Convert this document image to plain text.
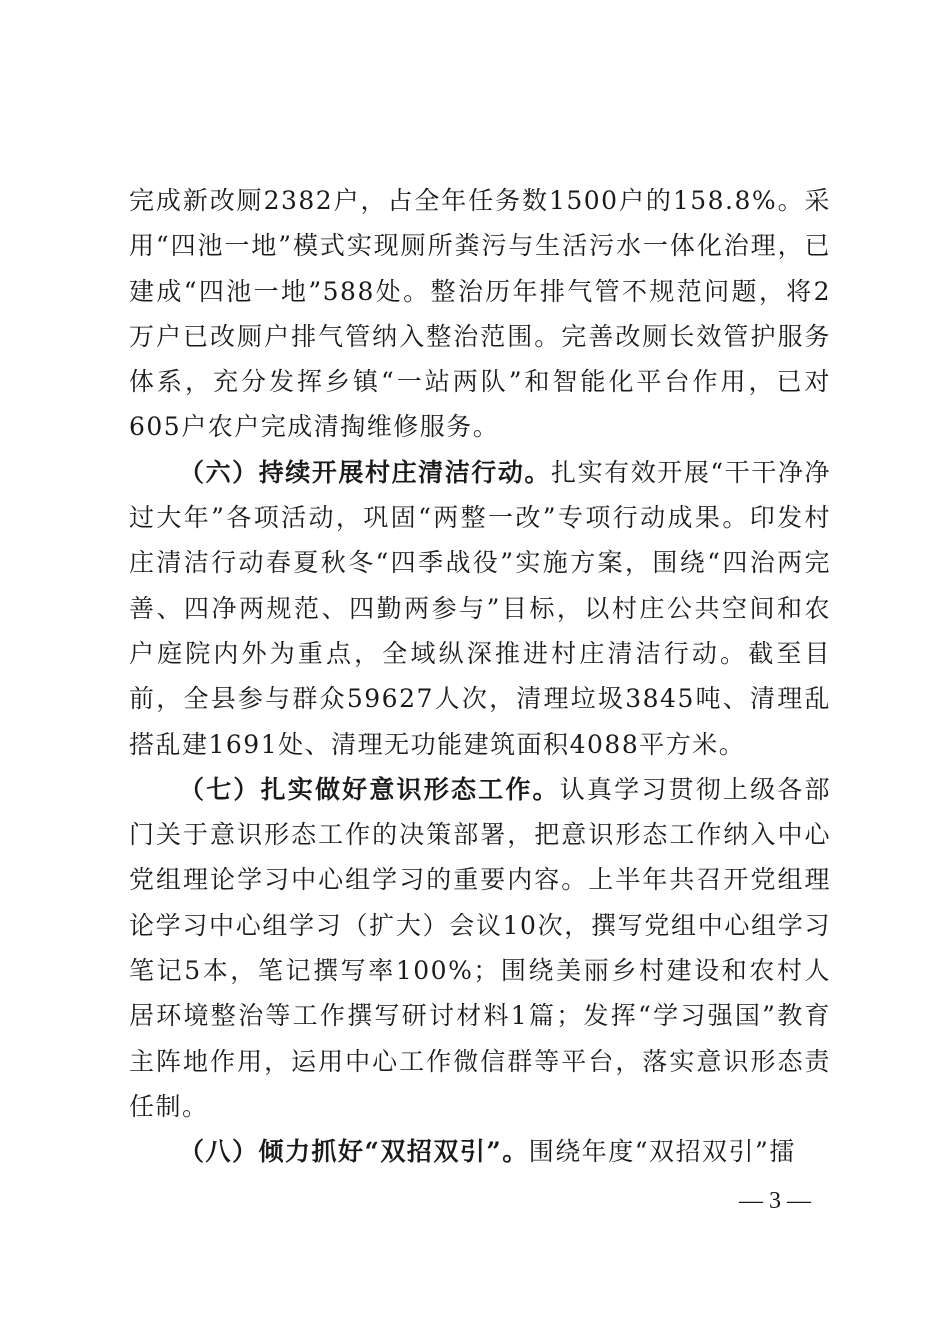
完成新改厕2382户，占全年任务数1500户的158.8%。采用“四池一地”模式实现厕所粪污与生活污水一体化治理，已建成“四池一地”588处。整治历年排气管不规范问题，将2万户已改厕户排气管纳入整治范围。完善改厕长效管护服务体系，充分发挥乡镇“一站两队”和智能化平台作用，已对605户农户完成清掏维修服务。

（六）持续开展村庄清洁行动。扎实有效开展“干干净净过大年”各项活动，巩固“两整一改”专项行动成果。印发村庄清洁行动春夏秋冬“四季战役”实施方案，围绕“四治两完善、四净两规范、四勤两参与”目标，以村庄公共空间和农户庭院内外为重点，全域纵深推进村庄清洁行动。截至目前，全县参与群众59627人次，清理垃圾3845吨、清理乱搭乱建1691处、清理无功能建筑面积4088平方米。

（七）扎实做好意识形态工作。认真学习贯彻上级各部门关于意识形态工作的决策部署，把意识形态工作纳入中心党组理论学习中心组学习的重要内容。上半年共召开党组理论学习中心组学习（扩大）会议10次，撰写党组中心组学习笔记5本，笔记撰写率100%；围绕美丽乡村建设和农村人居环境整治等工作撰写研讨材料1篇；发挥“学习强国”教育主阵地作用，运用中心工作微信群等平台，落实意识形态责任制。

（八）倾力抓好“双招双引”。围绕年度“双招双引”擂

— 3 —
